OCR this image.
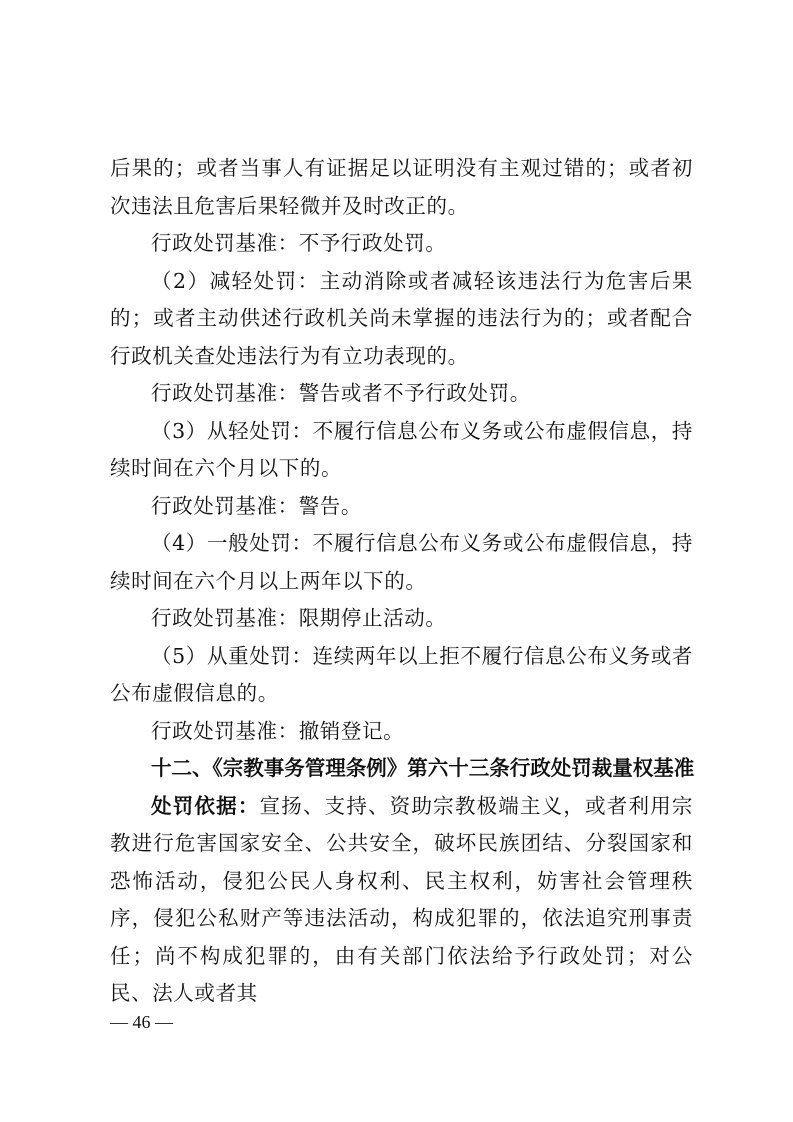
后果的；或者当事人有证据足以证明没有主观过错的；或者初次违法且危害后果轻微并及时改正的。

行政处罚基准：不予行政处罚。

（2）减轻处罚：主动消除或者减轻该违法行为危害后果的；或者主动供述行政机关尚未掌握的违法行为的；或者配合行政机关查处违法行为有立功表现的。

行政处罚基准：警告或者不予行政处罚。

（3）从轻处罚：不履行信息公布义务或公布虚假信息，持续时间在六个月以下的。

行政处罚基准：警告。

（4）一般处罚：不履行信息公布义务或公布虚假信息，持续时间在六个月以上两年以下的。

行政处罚基准：限期停止活动。

（5）从重处罚：连续两年以上拒不履行信息公布义务或者公布虚假信息的。

行政处罚基准：撤销登记。

十二、《宗教事务管理条例》第六十三条行政处罚裁量权基准

处罚依据：宣扬、支持、资助宗教极端主义，或者利用宗教进行危害国家安全、公共安全，破坏民族团结、分裂国家和恐怖活动，侵犯公民人身权利、民主权利，妨害社会管理秩序，侵犯公私财产等违法活动，构成犯罪的，依法追究刑事责任；尚不构成犯罪的，由有关部门依法给予行政处罚；对公民、法人或者其

— 46 —
